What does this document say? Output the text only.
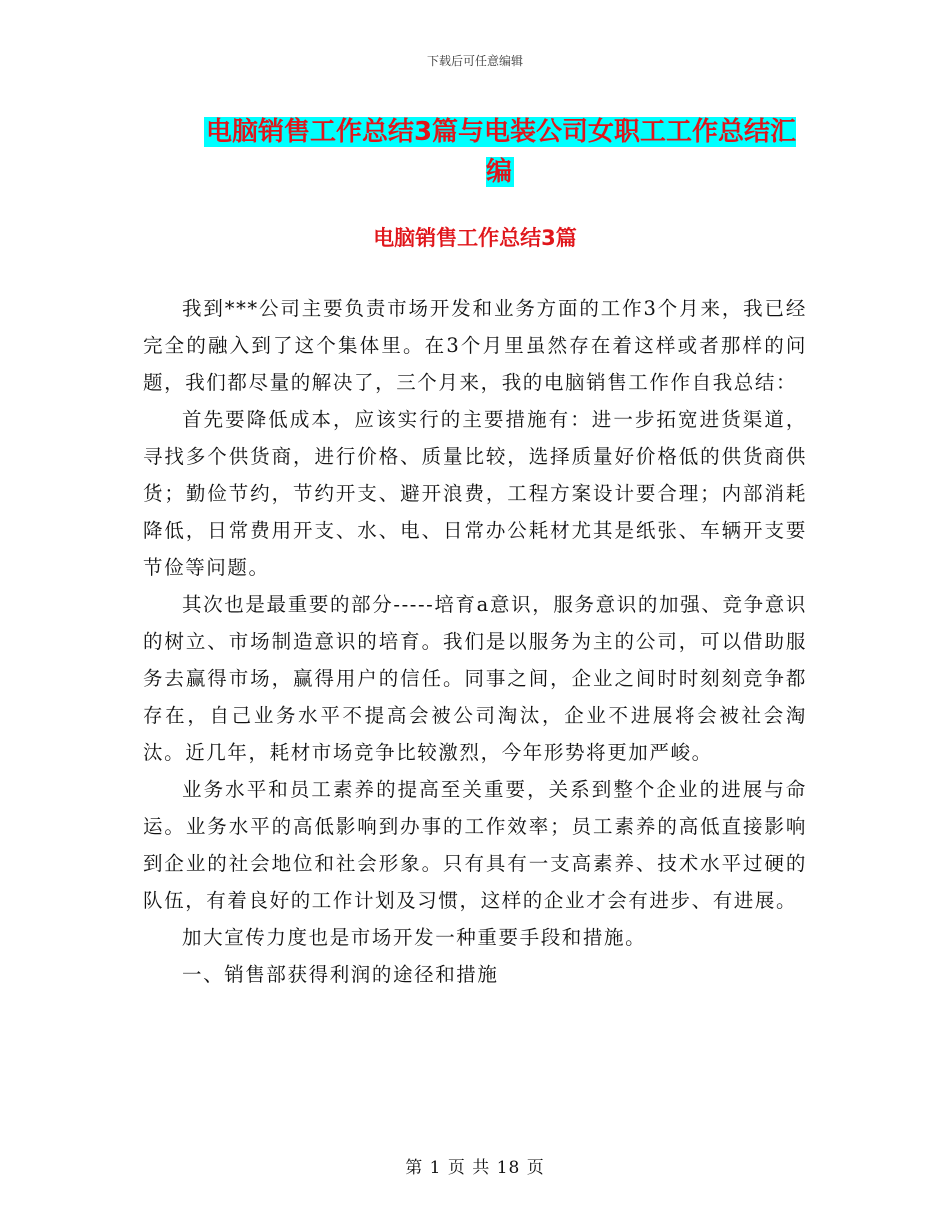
下载后可任意编辑
电脑销售工作总结3篇与电装公司女职工工作总结汇编
电脑销售工作总结3篇

我到***公司主要负责市场开发和业务方面的工作3个月来，我已经完全的融入到了这个集体里。在3个月里虽然存在着这样或者那样的问题，我们都尽量的解决了，三个月来，我的电脑销售工作作自我总结：

首先要降低成本，应该实行的主要措施有：进一步拓宽进货渠道，寻找多个供货商，进行价格、质量比较，选择质量好价格低的供货商供货；勤俭节约，节约开支、避开浪费，工程方案设计要合理；内部消耗降低，日常费用开支、水、电、日常办公耗材尤其是纸张、车辆开支要节俭等问题。

其次也是最重要的部分-----培育a意识，服务意识的加强、竞争意识的树立、市场制造意识的培育。我们是以服务为主的公司，可以借助服务去赢得市场，赢得用户的信任。同事之间，企业之间时时刻刻竞争都存在，自己业务水平不提高会被公司淘汰，企业不进展将会被社会淘汰。近几年，耗材市场竞争比较激烈，今年形势将更加严峻。

业务水平和员工素养的提高至关重要，关系到整个企业的进展与命运。业务水平的高低影响到办事的工作效率；员工素养的高低直接影响到企业的社会地位和社会形象。只有具有一支高素养、技术水平过硬的队伍，有着良好的工作计划及习惯，这样的企业才会有进步、有进展。

加大宣传力度也是市场开发一种重要手段和措施。

一、销售部获得利润的途径和措施

第 1 页 共 18 页
